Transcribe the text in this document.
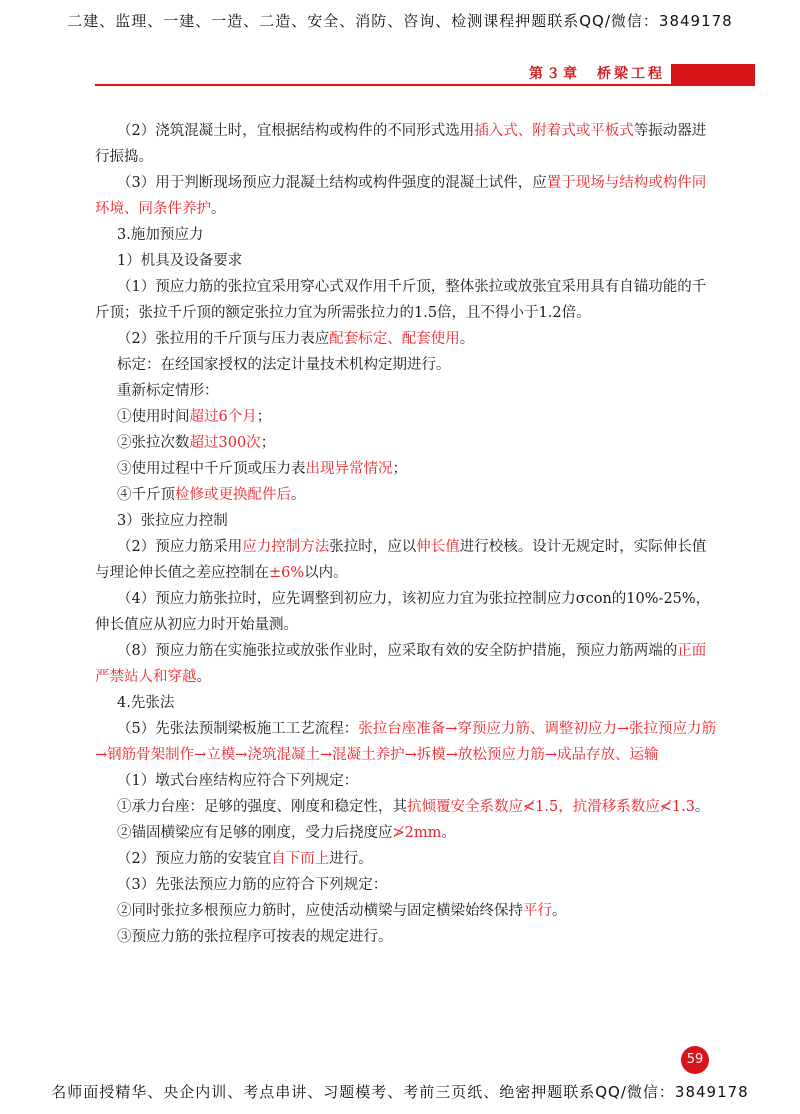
二建、监理、一建、一造、二造、安全、消防、咨询、检测课程押题联系QQ/微信：3849178
第３章　桥梁工程

（2）浇筑混凝土时，宜根据结构或构件的不同形式选用插入式、附着式或平板式等振动器进行振捣。

（3）用于判断现场预应力混凝土结构或构件强度的混凝土试件，应置于现场与结构或构件同环境、同条件养护。

3.施加预应力

1）机具及设备要求

（1）预应力筋的张拉宜采用穿心式双作用千斤顶，整体张拉或放张宜采用具有自锚功能的千斤顶；张拉千斤顶的额定张拉力宜为所需张拉力的1.5倍，且不得小于1.2倍。

（2）张拉用的千斤顶与压力表应配套标定、配套使用。

标定：在经国家授权的法定计量技术机构定期进行。

重新标定情形：

①使用时间超过6个月；

②张拉次数超过300次；

③使用过程中千斤顶或压力表出现异常情况；

④千斤顶检修或更换配件后。

3）张拉应力控制

（2）预应力筋采用应力控制方法张拉时，应以伸长值进行校核。设计无规定时，实际伸长值与理论伸长值之差应控制在±6%以内。

（4）预应力筋张拉时，应先调整到初应力，该初应力宜为张拉控制应力σcon的10%-25%，伸长值应从初应力时开始量测。

（8）预应力筋在实施张拉或放张作业时，应采取有效的安全防护措施，预应力筋两端的正面严禁站人和穿越。

4.先张法

（5）先张法预制梁板施工工艺流程：张拉台座准备→穿预应力筋、调整初应力→张拉预应力筋→钢筋骨架制作→立模→浇筑混凝土→混凝土养护→拆模→放松预应力筋→成品存放、运输

（1）墩式台座结构应符合下列规定：

①承力台座：足够的强度、刚度和稳定性，其抗倾覆安全系数应≮1.5，抗滑移系数应≮1.3。

②锚固横梁应有足够的刚度，受力后挠度应≯2mm。

（2）预应力筋的安装宜自下而上进行。

（3）先张法预应力筋的应符合下列规定：

②同时张拉多根预应力筋时，应使活动横梁与固定横梁始终保持平行。

③预应力筋的张拉程序可按表的规定进行。

59
名师面授精华、央企内训、考点串讲、习题模考、考前三页纸、绝密押题联系QQ/微信：3849178
